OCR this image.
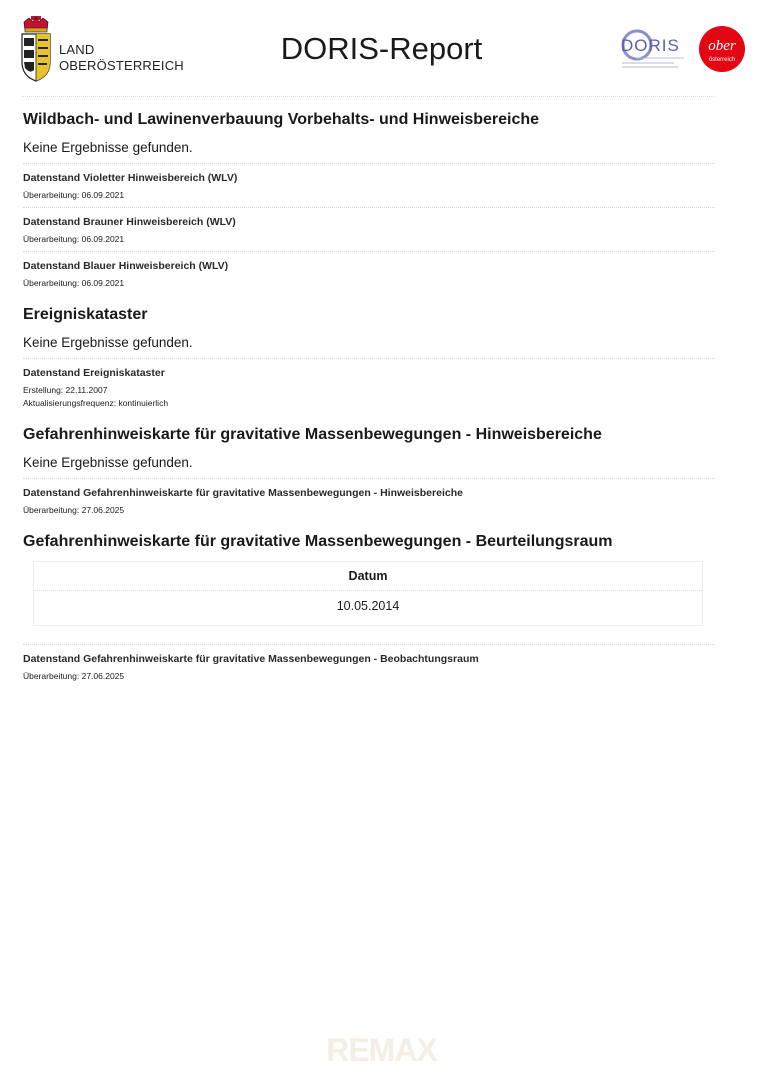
LAND
OBERÖSTERREICH	DORIS-Report	DORIS ober
österreich
Wildbach- und Lawinenverbauung Vorbehalts- und Hinweisbereiche
Keine Ergebnisse gefunden.
Datenstand Violetter Hinweisbereich (WLV)
Überarbeitung: 06.09.2021
Datenstand Brauner Hinweisbereich (WLV)
Überarbeitung: 06.09.2021
Datenstand Blauer Hinweisbereich (WLV)
Überarbeitung: 06.09.2021
Ereigniskataster
Keine Ergebnisse gefunden.
Datenstand Ereigniskataster
Erstellung: 22.11.2007
Aktualisierungsfrequenz: kontinuierlich
Gefahrenhinweiskarte für gravitative Massenbewegungen - Hinweisbereiche
Keine Ergebnisse gefunden.
Datenstand Gefahrenhinweiskarte für gravitative Massenbewegungen - Hinweisbereiche
Überarbeitung: 27.06.2025
Gefahrenhinweiskarte für gravitative Massenbewegungen - Beurteilungsraum
Datum
10.05.2014
Datenstand Gefahrenhinweiskarte für gravitative Massenbewegungen - Beobachtungsraum
Überarbeitung: 27.06.2025
REMAX
